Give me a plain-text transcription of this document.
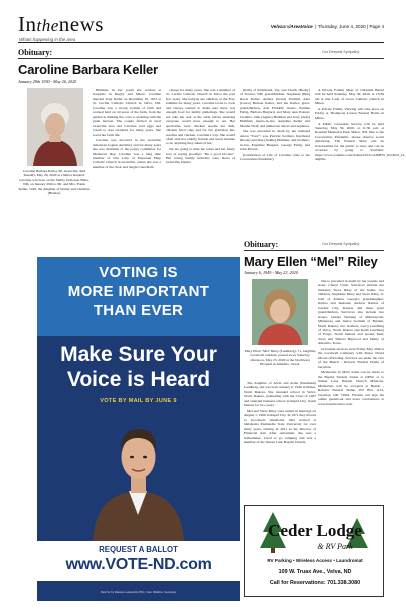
Inthenews
Whats happening in the area
VelvaandAreaVoice  | Thursday, June 4, 2020 | Page 4
Obituary:	Our Deepest Sympathy
Caroline Barbara Keller
January 29th 1930 - May 26, 2020
Caroline Barbara Keller, 90, Granville, died Tuesday, May 26, 2020 at a Minot hospital. Caroline was born on the family farm near Balta, ND, on January 29th to Mr. and Mrs. Frank Keller, 1929, the daughter of Walter and Christine (Heisler)

Heilman. In her youth she worked at hospitals in Rugby and Minot. Caroline married Tony Keller on December 10, 1951 at St. Cecilia Catholic Church in Velva, ND. Caroline was a strong woman of faith and worked hard on all areas of the farm, from the garden to milking the cows to assisting with the grain harvest. The couple farmed in rural Granville area and Caroline sold eggs and cream to area residents for many years. She loved her farm life.

Caroline was involved in the Granville American Legion Auxiliary and for many years she was chairman of the poppy committee for Memorial Day. Caroline was a long time member of Our Lady of Perpetual Help Catholic Church in Granville, where she was a member of the choir and taught Catechism

classes for many years. She was a member of St. Cecilia Catholic Church in Velva the past few years. She babysat the children of the Frey families for many years. Caroline loved to cook and always wanted to make sure there was enough food for family gatherings. She would not take her seat at the table before ensuring everyone would have enough to eat. Her specialties were chicken noodle hot dish, chicken fried cake and for her grandson Ian, noodles and chicken. Caroline's way. She would often visit her elderly friends and never hesitate to do anything they asked of her.

We are going to miss her jokes and her funny way of saying goodbye: "Be a good Do-bee". Her loving family includes; sons, Reno of Granville, Daniel

(Kim) of Richmond, VA, and Chuck (Becky) of Towner, ND; grandchildren, Stephanie (Ben) Roers Keller, Andrea (Grant) Friddell, Alex (Grace) Benson Keller, and Ian Keller; great-grandchildren, Ada Friddell; sisters, Pauline Fettig, Barbara Burgard, and Mary Ann Paxton; brothers, John (Agnes) Heilman and Jerry (Judy) Heilman; sisters-in-law, Angeline Keller and Martha Wolf; and numerous nieces and nephews.

She was preceded in death by her husband Anton "Tony"; son, Patrick; brothers, Raymond (Rosie) and Dan (Juddie) Heilman; and brothers-in-law, Eusabius Burgard, George Fettig, and John Paxton.

(Celebration of Life of Caroline: (due to the Coronavirus Pandemic)

A Private Family Mass of Christian Burial will be held Saturday, May 30, 2020, at 10:30 am at Our Lady of Grace Catholic Church in Minot.

A Private Family Viewing will take place on Friday at Thompson Larson Funeral Home in Minot.

A Public Graveside Service will be held Saturday, May 30, 2020, at 11:30 a.m. at Rosehill Memorial Park, Minot, ND. Due to the Coronavirus Pandemic, please observe social distancing. The Funeral Mass will be livestreamed for the public to view and can be accessed by going to YouTube: https://www.youtube.com/channel/UCbvAIMFW_P2vKOJ_b1-44gDw.

VOTING IS
MORE IMPORTANT
THAN EVER
Make Sure Your
Voice is Heard
VOTE BY MAIL BY JUNE 9
REQUEST A BALLOT
www.VOTE-ND.com
Paid for by Dakota Leadership PAC, Cam Watkins, Secretary
Obituary:	Our Deepest Sympathy
Mary Ellen “Mel” Riley
January 6, 1949 - May 23, 2020
Mary Ellen "Mel" Riley (Lundberg), 71, longtime Goodwell resident, passed away Saturday afternoon, May 23, 2020 at the Northwest Hospital in Amarillo, Texas.

The daughter of Alvin and Ardis (Neumann) Lundberg, she was born January 6, 1949 in Minot, North Dakota. She attended school in Velva, North Dakota, graduating with the Class of 1967 and attended business school in Rapid City, South Dakota for two years.

Mel and Steve Riley were united in marriage on August 1, 1969 in Rapid City. In 1971 they moved to Goodwell, Oklahoma. Mel worked at Oklahoma Panhandle State University for over thirty years, retiring in 2011 as the Director of Financial Aid. After retirement, she was a homemaker, loved to go camping and was a member of the Sunset Lane Baptist Church.

She is preceded in death by her parents and sister, Cheryl Clark. Survivors include her husband, Steve Riley of the home; two children, Stephanie Riley and Steve Riley, Jr. both of Atlanta, Georgia; granddaughter, Karina and husband, Andrew Ramos of Garden City, Kansas and three great grandchildren. Survivors also include two sisters, Gladys Wessing of Minneapolis, Minnesota and Janice German of Burdett, North Dakota; two brothers, Leroy Lundberg of Velva, North Dakota and Keith Lundberg of Fargo, North Dakota and spouse Pam; Steve and Tamara Bigwood and family of Amarillo, Texas.

Graveside services were Friday May 29th at the Goodwell Cemetery with Pastor David Moore officiating. Services are under the care of the Bunch - Roberts Funeral Home of Guymon.

Memorials in Mel's name can be made to the Baptist Student Union at OPSU or to Sunset Lane Baptist Church Missions. Memorials will be accepted at Bunch - Roberts Funeral Home, PO Box 1112, Guymon, OK 73942. Friends can sign the online guestbook and leave condolences at www.bunchroberts.com.

Ceder Lodge
& RV Park
RV Parking • Wireless Access • Laundromat
109 W. Truax Ave., Velva, ND
Call for Reservations: 701.338.3080
